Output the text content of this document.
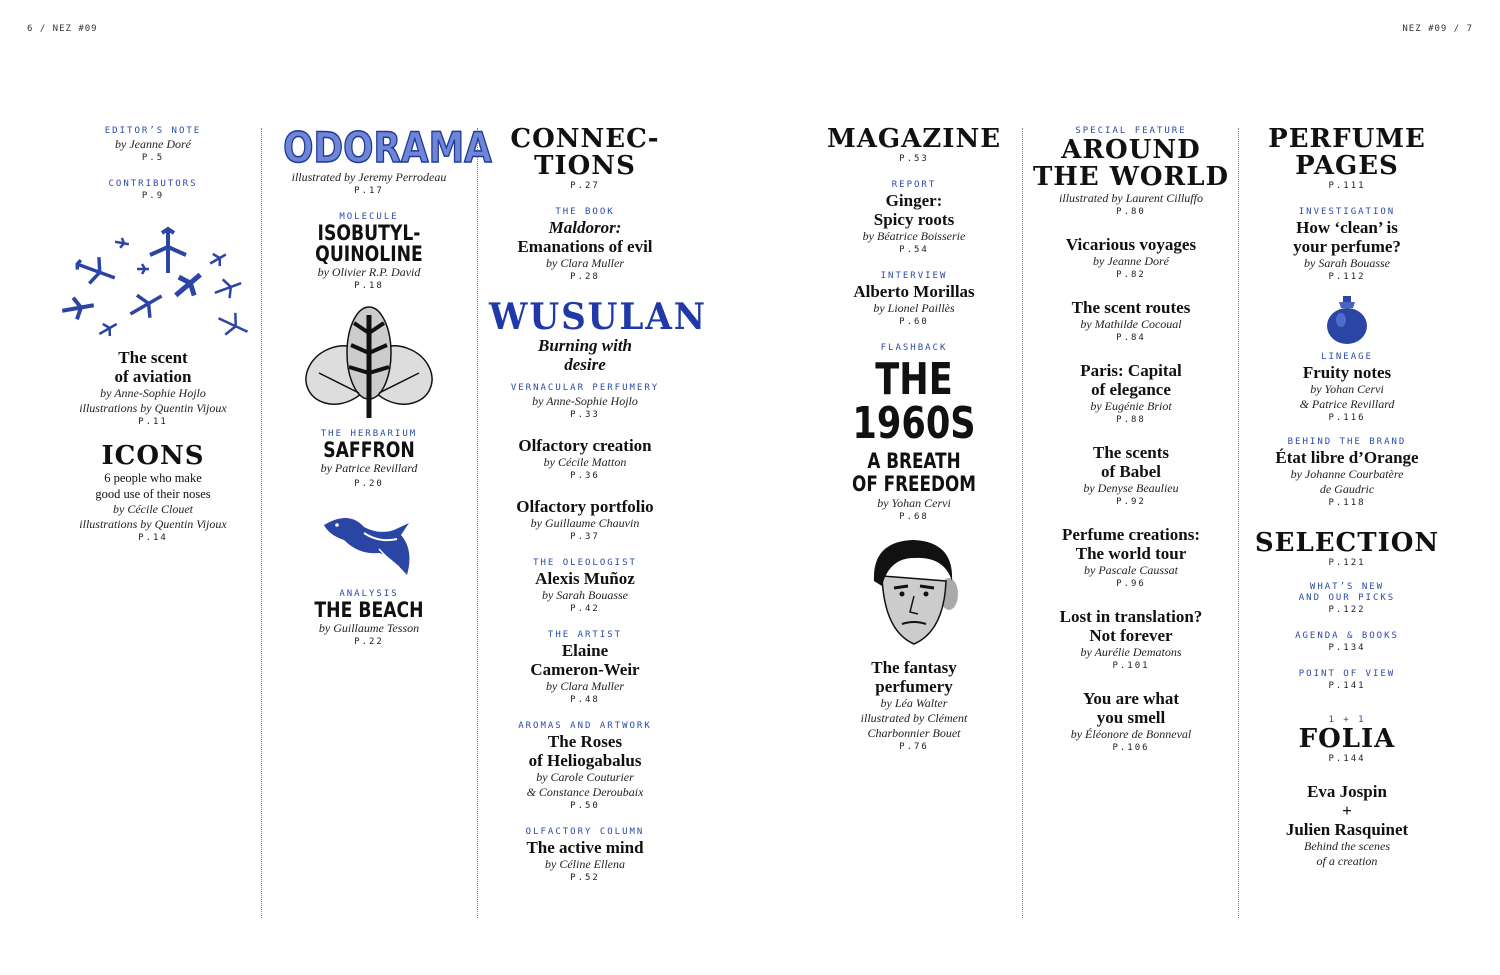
6 / NEZ #09	NEZ #09 / 7
EDITOR’S NOTE
by Jeanne Doré
P.5
CONTRIBUTORS
P.9
The scent
of aviation
by Anne-Sophie Hojlo
illustrations by Quentin Vijoux
P.11
ICONS
6 people who make
good use of their noses
by Cécile Clouet
illustrations by Quentin Vijoux
P.14
ODORAMA
illustrated by Jeremy Perrodeau
P.17
MOLECULE
ISOBUTYL-
QUINOLINE
by Olivier R.P. David
P.18
THE HERBARIUM
SAFFRON
by Patrice Revillard
P.20
ANALYSIS
THE BEACH
by Guillaume Tesson
P.22
CONNEC-
TIONS
P.27
THE BOOK
Maldoror:
Emanations of evil
by Clara Muller
P.28
WUSULAN
Burning with
desire
VERNACULAR PERFUMERY
by Anne-Sophie Hojlo
P.33
Olfactory creation
by Cécile Matton
P.36
Olfactory portfolio
by Guillaume Chauvin
P.37
THE OLEOLOGIST
Alexis Muñoz
by Sarah Bouasse
P.42
THE ARTIST
Elaine
Cameron-Weir
by Clara Muller
P.48
AROMAS AND ARTWORK
The Roses
of Heliogabalus
by Carole Couturier
& Constance Deroubaix
P.50
OLFACTORY COLUMN
The active mind
by Céline Ellena
P.52
MAGAZINE
P.53
REPORT
Ginger:
Spicy roots
by Béatrice Boisserie
P.54
INTERVIEW
Alberto Morillas
by Lionel Paillès
P.60
FLASHBACK
THE
1960S
A BREATH
OF FREEDOM
by Yohan Cervi
P.68
The fantasy
perfumery
by Léa Walter
illustrated by Clément
Charbonnier Bouet
P.76
SPECIAL FEATURE
AROUND
THE WORLD
illustrated by Laurent Cilluffo
P.80
Vicarious voyages
by Jeanne Doré
P.82
The scent routes
by Mathilde Cocoual
P.84
Paris: Capital
of elegance
by Eugénie Briot
P.88
The scents
of Babel
by Denyse Beaulieu
P.92
Perfume creations:
The world tour
by Pascale Caussat
P.96
Lost in translation?
Not forever
by Aurélie Dematons
P.101
You are what
you smell
by Éléonore de Bonneval
P.106
PERFUME
PAGES
P.111
INVESTIGATION
How ‘clean’ is
your perfume?
by Sarah Bouasse
P.112
LINEAGE
Fruity notes
by Yohan Cervi
& Patrice Revillard
P.116
BEHIND THE BRAND
État libre d’Orange
by Johanne Courbatère
de Gaudric
P.118
SELECTION
P.121
WHAT’S NEW
AND OUR PICKS
P.122
AGENDA & BOOKS
P.134
POINT OF VIEW
P.141
1 + 1
FOLIA
P.144
Eva Jospin
+
Julien Rasquinet
Behind the scenes
of a creation
